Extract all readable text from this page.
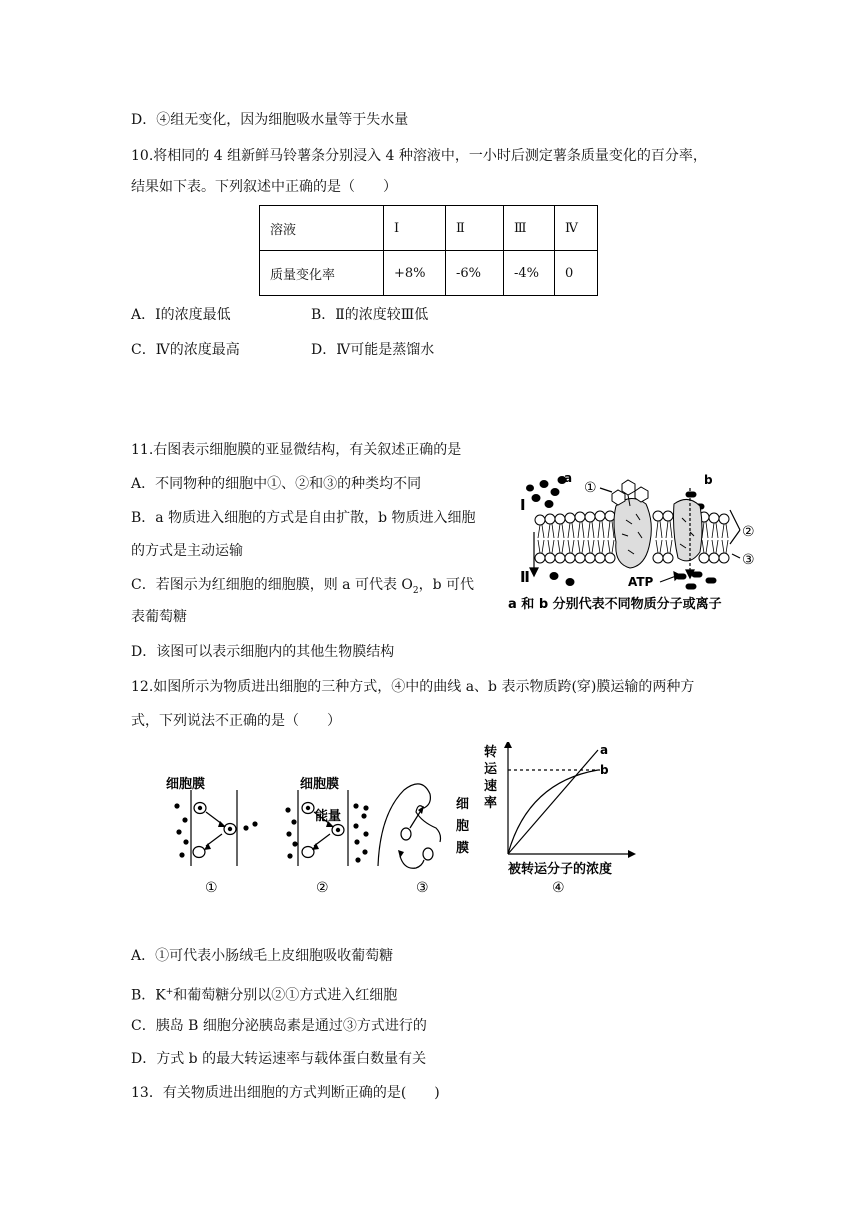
D．④组无变化，因为细胞吸水量等于失水量
10.将相同的 4 组新鲜马铃薯条分别浸入 4 种溶液中，一小时后测定薯条质量变化的百分率，
结果如下表。下列叙述中正确的是（　　）
溶液	Ⅰ	Ⅱ	Ⅲ	Ⅳ
质量变化率	+8%	-6%	-4%	0
A．Ⅰ的浓度最低	B．Ⅱ的浓度较Ⅲ低
C．Ⅳ的浓度最高	D．Ⅳ可能是蒸馏水
11.右图表示细胞膜的亚显微结构，有关叙述正确的是
A．不同物种的细胞中①、②和③的种类均不同
B．a 物质进入细胞的方式是自由扩散，b 物质进入细胞
的方式是主动运输
C．若图示为红细胞的细胞膜，则 a 可代表 $O_2$，b 可代
表葡萄糖
D．该图可以表示细胞内的其他生物膜结构
a	b
①
②
③
Ⅰ
Ⅱ	ATP
a 和 b 分别代表不同物质分子或离子
12.如图所示为物质进出细胞的三种方式，④中的曲线 a、b 表示物质跨(穿)膜运输的两种方
式，下列说法不正确的是（　　）
细胞膜
①
细胞膜
能量
②
细
胞
膜
③
转
运
速
率
a
b
被转运分子的浓度
④
A．①可代表小肠绒毛上皮细胞吸收葡萄糖
B．K+和葡萄糖分别以②①方式进入红细胞
C．胰岛 B 细胞分泌胰岛素是通过③方式进行的
D．方式 b 的最大转运速率与载体蛋白数量有关
13．有关物质进出细胞的方式判断正确的是(　　)
